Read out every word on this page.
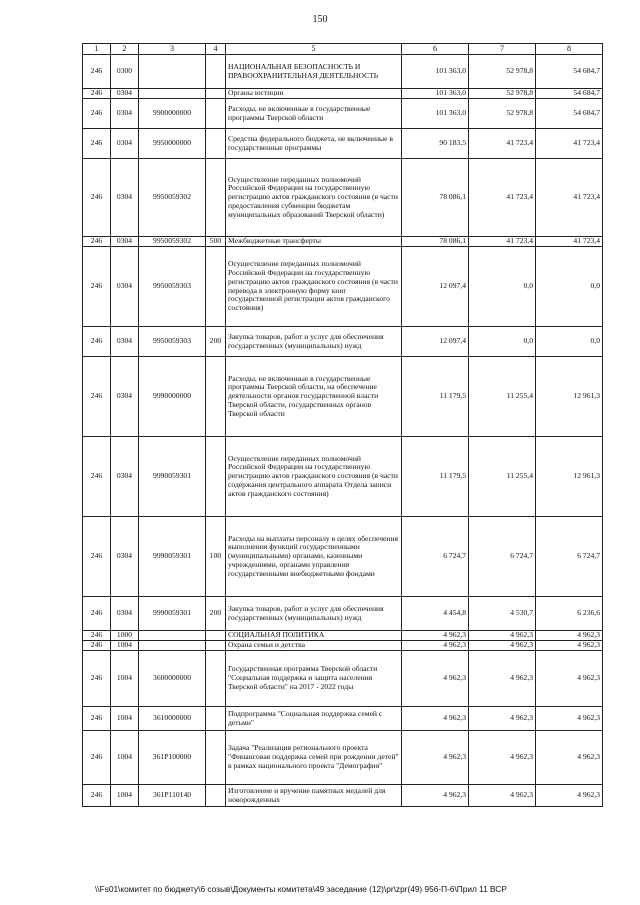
150
1	2	3	4	5	6	7	8
246	0300			НАЦИОНАЛЬНАЯ БЕЗОПАСНОСТЬ И ПРАВООХРАНИТЕЛЬНАЯ ДЕЯТЕЛЬНОСТЬ	101 363,0	52 978,8	54 684,7
246	0304			Органы юстиции	101 363,0	52 978,8	54 684,7
246	0304	9900000000		Расходы, не включенные в государственные программы Тверской области	101 363,0	52 978,8	54 684,7
246	0304	9950000000		Средства федерального бюджета, не включенные в государственные программы	90 183,5	41 723,4	41 723,4
246	0304	9950059302		Осуществление переданных полномочий Российской Федерации на государственную регистрацию актов гражданского состояния (в части предоставления субвенции бюджетам муниципальных образований Тверской области)	78 086,1	41 723,4	41 723,4
246	0304	9950059302	500	Межбюджетные трансферты	78 086,1	41 723,4	41 723,4
246	0304	9950059303		Осуществление переданных полномочий Российской Федерации на государственную регистрацию актов гражданского состояния (в части перевода в электронную форму книг государственной регистрации актов гражданского состояния)	12 097,4	0,0	0,0
246	0304	9950059303	200	Закупка товаров, работ и услуг для обеспечения государственных (муниципальных) нужд	12 097,4	0,0	0,0
246	0304	9990000000		Расходы, не включенные в государственные программы Тверской области, на обеспечение деятельности органов государственной власти Тверской области, государственных органов Тверской области	11 179,5	11 255,4	12 961,3
246	0304	9990059301		Осуществление переданных полномочий Российской Федерации на государственную регистрацию актов гражданского состояния (в части содержания центрального аппарата Отдела записи актов гражданского состояния)	11 179,5	11 255,4	12 961,3
246	0304	9990059301	100	Расходы на выплаты персоналу в целях обеспечения выполнения функций государственными (муниципальными) органами, казенными учреждениями, органами управления государственными внебюджетными фондами	6 724,7	6 724,7	6 724,7
246	0304	9990059301	200	Закупка товаров, работ и услуг для обеспечения государственных (муниципальных) нужд	4 454,8	4 530,7	6 236,6
246	1000			СОЦИАЛЬНАЯ ПОЛИТИКА	4 962,3	4 962,3	4 962,3
246	1004			Охрана семьи и детства	4 962,3	4 962,3	4 962,3
246	1004	3600000000		Государственная программа Тверской области "Социальная поддержка и защита населения Тверской области" на 2017 - 2022 годы	4 962,3	4 962,3	4 962,3
246	1004	3610000000		Подпрограмма "Социальная поддержка семей с детьми"	4 962,3	4 962,3	4 962,3
246	1004	361P100000		Задача "Реализация регионального проекта "Финансовая поддержка семей при рождении детей" в рамках национального проекта "Демография"	4 962,3	4 962,3	4 962,3
246	1004	361P110140		Изготовление и вручение памятных медалей для новорожденных	4 962,3	4 962,3	4 962,3
\\Fs01\комитет по бюджету\6 созыв\Документы комитета\49 заседание (12)\pr\zpr(49) 956-П-6\Прил 11 ВСР
